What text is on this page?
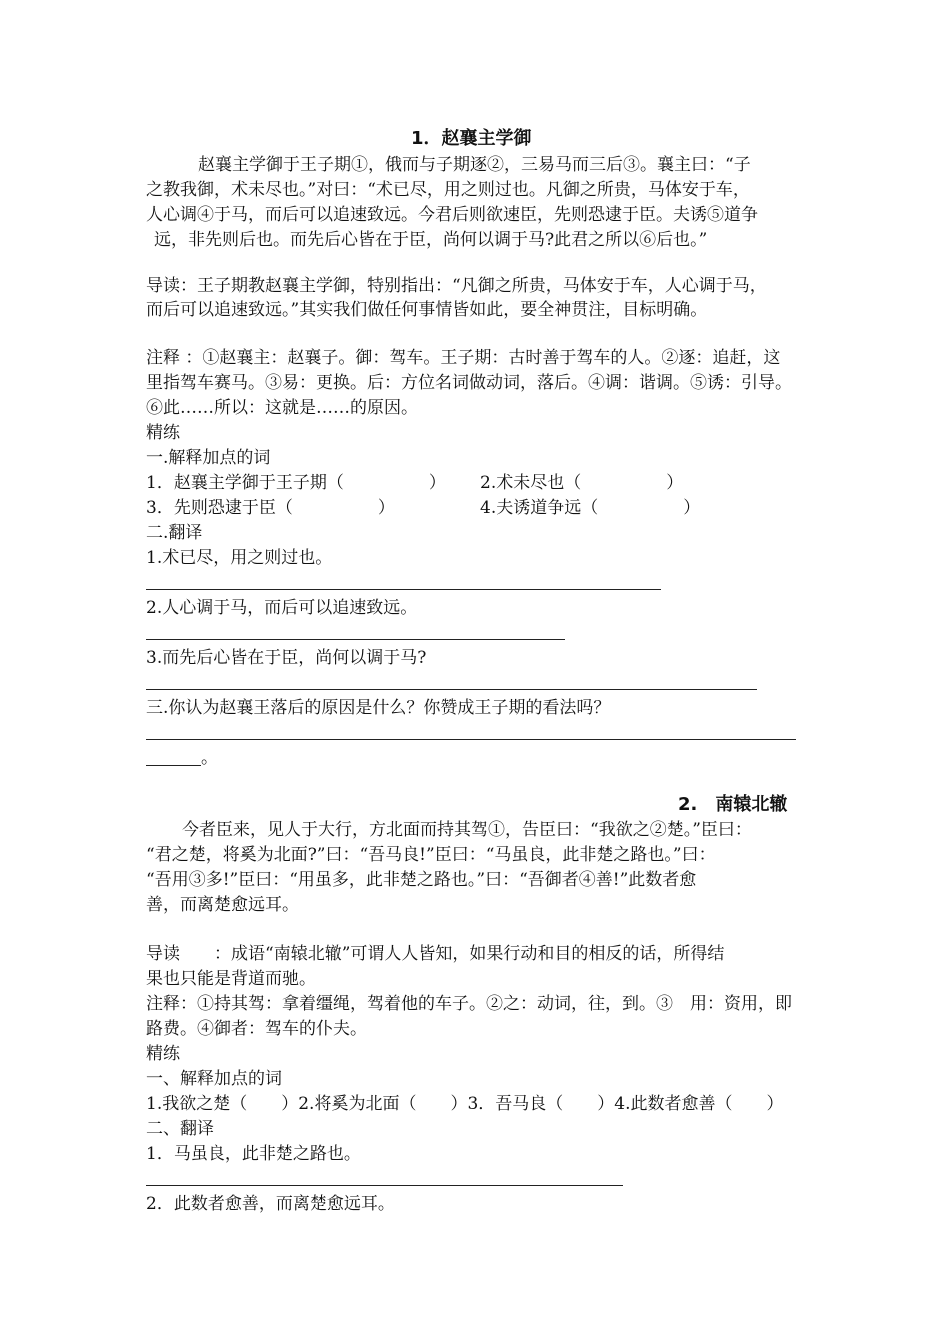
1．赵襄主学御
赵襄主学御于王子期①，俄而与子期逐②，三易马而三后③。襄主曰：“子
之教我御，术未尽也。”对曰：“术已尽，用之则过也。凡御之所贵，马体安于车，
人心调④于马，而后可以追速致远。今君后则欲速臣，先则恐逮于臣。夫诱⑤道争
远，非先则后也。而先后心皆在于臣，尚何以调于马?此君之所以⑥后也。”
导读：王子期教赵襄主学御，特别指出：“凡御之所贵，马体安于车，人心调于马，
而后可以追速致远。”其实我们做任何事情皆如此，要全神贯注，目标明确。
注释 ：①赵襄主：赵襄子。御：驾车。王子期：古时善于驾车的人。②逐：追赶，这
里指驾车赛马。③易：更换。后：方位名词做动词，落后。④调：谐调。⑤诱：引导。
⑥此……所以：这就是……的原因。
精练
一.解释加点的词
1．赵襄主学御于王子期（　　　　　） 2.术未尽也（　　　　　）
3．先则恐逮于臣（　　　　　）	4.夫诱道争远（　　　　　）
二.翻译
1.术已尽，用之则过也。
2.人心调于马，而后可以追速致远。
3.而先后心皆在于臣，尚何以调于马?
三.你认为赵襄王落后的原因是什么？你赞成王子期的看法吗？
。
2.　南辕北辙
今者臣来，见人于大行，方北面而持其驾①，告臣曰：“我欲之②楚。”臣曰：
“君之楚，将奚为北面?”曰：“吾马良!”臣曰：“马虽良，此非楚之路也。”曰：
“吾用③多!”臣曰：“用虽多，此非楚之路也。”曰：“吾御者④善!”此数者愈
善，而离楚愈远耳。
导读　　：成语“南辕北辙”可谓人人皆知，如果行动和目的相反的话，所得结
果也只能是背道而驰。
注释：①持其驾：拿着缰绳，驾着他的车子。②之：动词，往，到。③　用：资用，即
路费。④御者：驾车的仆夫。
精练
一、解释加点的词
1.我欲之楚（　　）2.将奚为北面（　　）3．吾马良（　　）4.此数者愈善（　　）
二、翻译
1．马虽良，此非楚之路也。
2．此数者愈善，而离楚愈远耳。
